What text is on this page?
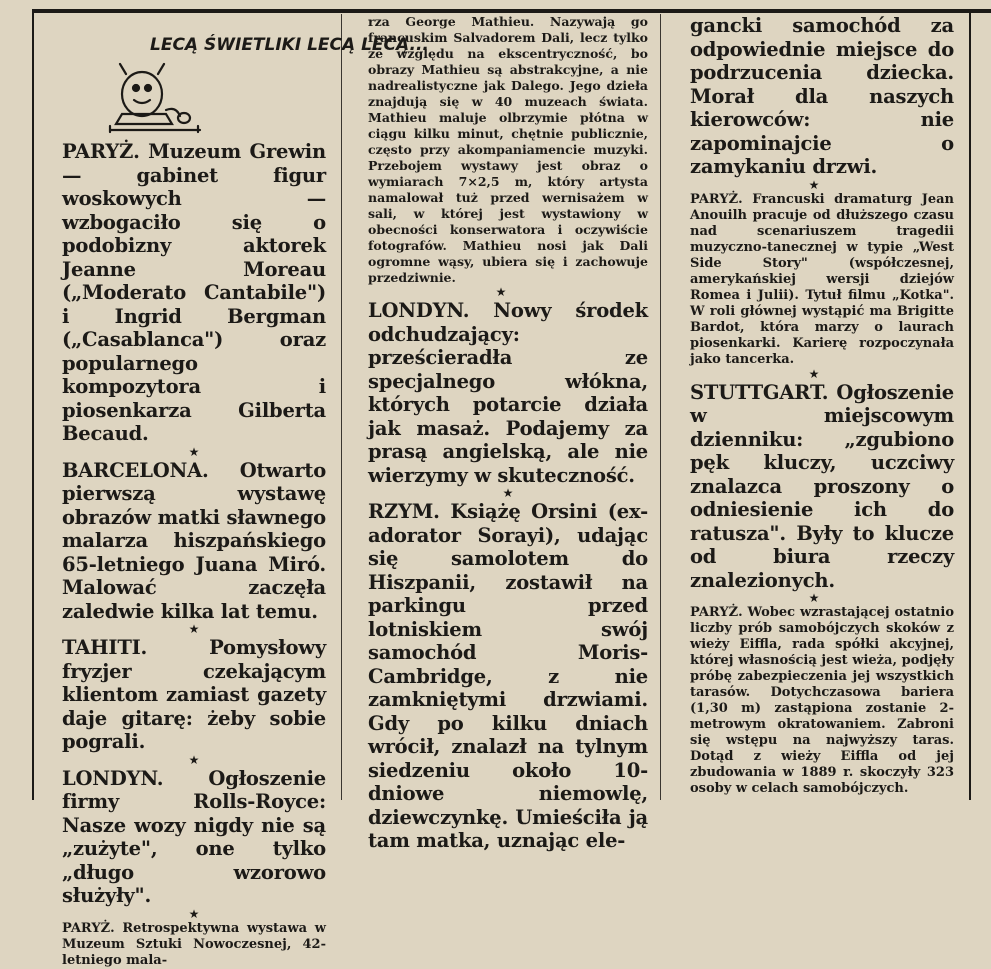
LECĄ ŚWIETLIKI LECĄ LECĄ...

PARYŻ. Muzeum Grewin — gabinet figur woskowych — wzbogaciło się o podobizny aktorek Jeanne Moreau („Moderato Cantabile") i Ingrid Bergman („Casablanca") oraz popularnego kompozytora i piosenkarza Gilberta Becaud.

★

BARCELONA. Otwarto pierwszą wystawę obrazów matki sławnego malarza hiszpańskiego 65-letniego Juana Miró. Malować zaczęła zaledwie kilka lat temu.

★

TAHITI. Pomysłowy fryzjer czekającym klientom zamiast gazety daje gitarę: żeby sobie pograli.

★

LONDYN. Ogłoszenie firmy Rolls-Royce: Nasze wozy nigdy nie są „zużyte", one tylko „długo wzorowo służyły".

★

PARYŻ. Retrospektywna wystawa w Muzeum Sztuki Nowoczesnej, 42-letniego mala-

rza George Mathieu. Nazywają go francuskim Salvadorem Dali, lecz tylko ze względu na ekscentryczność, bo obrazy Mathieu są abstrakcyjne, a nie nadrealistyczne jak Dalego. Jego dzieła znajdują się w 40 muzeach świata. Mathieu maluje olbrzymie płótna w ciągu kilku minut, chętnie publicznie, często przy akompaniamencie muzyki. Przebojem wystawy jest obraz o wymiarach 7×2,5 m, który artysta namalował tuż przed wernisażem w sali, w której jest wystawiony w obecności konserwatora i oczywiście fotografów. Mathieu nosi jak Dali ogromne wąsy, ubiera się i zachowuje przedziwnie.

★

LONDYN. Nowy środek odchudzający: prześcieradła ze specjalnego włókna, których potarcie działa jak masaż. Podajemy za prasą angielską, ale nie wierzymy w skuteczność.

★

RZYM. Książę Orsini (ex-adorator Sorayi), udając się samolotem do Hiszpanii, zostawił na parkingu przed lotniskiem swój samochód Moris-Cambridge, z nie zamkniętymi drzwiami. Gdy po kilku dniach wrócił, znalazł na tylnym siedzeniu około 10-dniowe niemowlę, dziewczynkę. Umieściła ją tam matka, uznając ele-

gancki samochód za odpowiednie miejsce do podrzucenia dziecka. Morał dla naszych kierowców: nie zapominajcie o zamykaniu drzwi.

★

PARYŻ. Francuski dramaturg Jean Anouilh pracuje od dłuższego czasu nad scenariuszem tragedii muzyczno-tanecznej w typie „West Side Story" (współczesnej, amerykańskiej wersji dziejów Romea i Julii). Tytuł filmu „Kotka". W roli głównej wystąpić ma Brigitte Bardot, która marzy o laurach piosenkarki. Karierę rozpoczynała jako tancerka.

★

STUTTGART. Ogłoszenie w miejscowym dzienniku: „zgubiono pęk kluczy, uczciwy znalazca proszony o odniesienie ich do ratusza". Były to klucze od biura rzeczy znalezionych.

★

PARYŻ. Wobec wzrastającej ostatnio liczby prób samobójczych skoków z wieży Eiffla, rada spółki akcyjnej, której własnością jest wieża, podjęły próbę zabezpieczenia jej wszystkich tarasów. Dotychczasowa bariera (1,30 m) zastąpiona zostanie 2-metrowym okratowaniem. Zabroni się wstępu na najwyższy taras. Dotąd z wieży Eiffla od jej zbudowania w 1889 r. skoczyły 323 osoby w celach samobójczych.
